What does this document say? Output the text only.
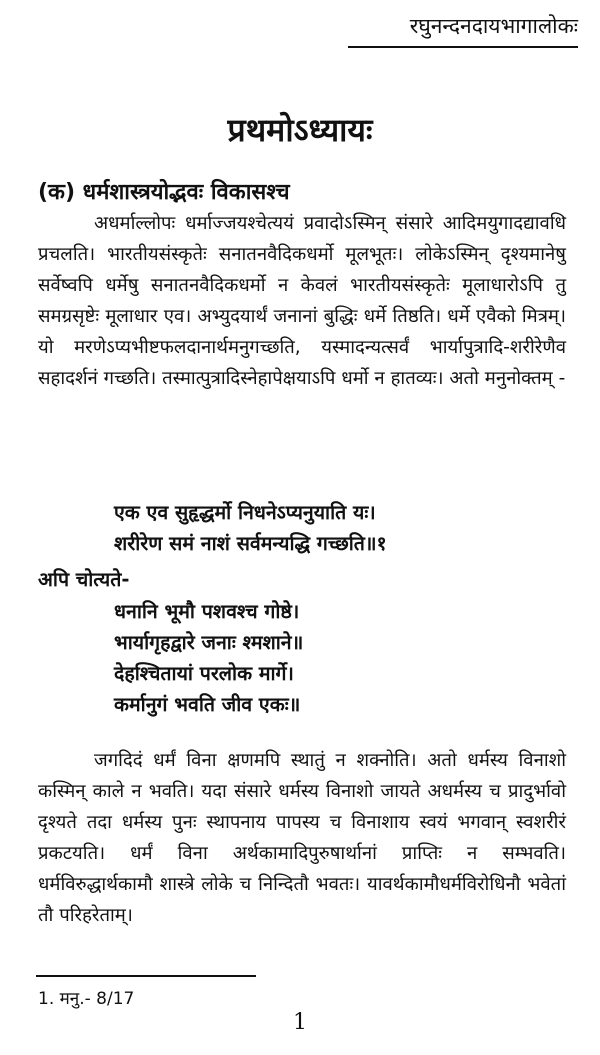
रघुनन्दनदायभागालोकः
प्रथमोऽध्यायः
(क) धर्मशास्त्रयोद्भवः विकासश्च

अधर्माल्लोपः धर्माज्जयश्चेत्ययं प्रवादोऽस्मिन् संसारे आदिमयुगादद्यावधि प्रचलति। भारतीयसंस्कृतेः सनातनवैदिकधर्मो मूलभूतः। लोकेऽस्मिन् दृश्यमानेषु सर्वेष्वपि धर्मेषु सनातनवैदिकधर्मो न केवलं भारतीयसंस्कृतेः मूलाधारोऽपि तु समग्रसृष्टेः मूलाधार एव। अभ्युदयार्थं जनानां बुद्धिः धर्मे तिष्ठति। धर्मे एवैको मित्रम्। यो मरणेऽप्यभीष्टफलदानार्थमनुगच्छति, यस्मादन्यत्सर्वं भार्यापुत्रादि-शरीरेणैव सहादर्शनं गच्छति। तस्मात्पुत्रादिस्नेहापेक्षयाऽपि धर्मो न हातव्यः। अतो मनुनोक्तम् -

एक एव सुहृद्धर्मो निधनेऽप्यनुयाति यः।
शरीरेण समं नाशं सर्वमन्यद्धि गच्छति॥१
अपि चोत्यते-
धनानि भूमौ पशवश्च गोष्ठे।
भार्यागृहद्वारे जनाः श्मशाने॥
देहश्चितायां परलोक मार्गे।
कर्मानुगं भवति जीव एकः॥

जगदिदं धर्मं विना क्षणमपि स्थातुं न शक्नोति। अतो धर्मस्य विनाशो कस्मिन् काले न भवति। यदा संसारे धर्मस्य विनाशो जायते अधर्मस्य च प्रादुर्भावो दृश्यते तदा धर्मस्य पुनः स्थापनाय पापस्य च विनाशाय स्वयं भगवान् स्वशरीरं प्रकटयति। धर्मं विना अर्थकामादिपुरुषार्थानां प्राप्तिः न सम्भवति। धर्मविरुद्धार्थकामौ शास्त्रे लोके च निन्दितौ भवतः। यावर्थकामौधर्मविरोधिनौ भवेतां तौ परिहरेताम्।

1. मनु.- 8/17
1
